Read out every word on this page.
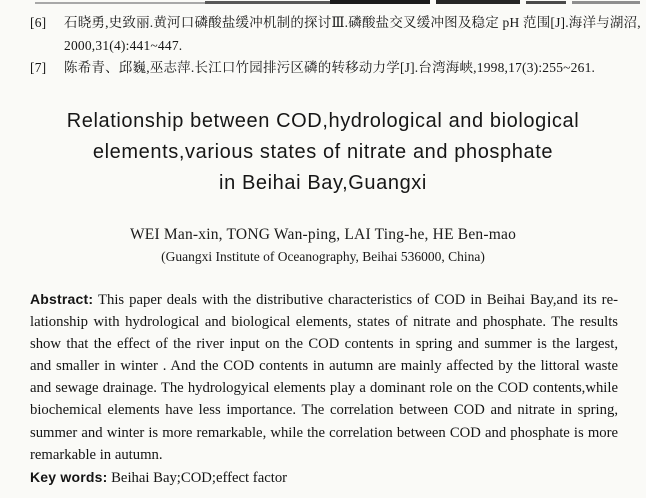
[6]	石晓勇,史致丽.黄河口磷酸盐缓冲机制的探讨Ⅲ.磷酸盐交叉缓冲图及稳定 pH 范围[J].海洋与湖沼,
2000,31(4):441~447.
[7]	陈希青、邱巍,巫志萍.长江口竹园排污区磷的转移动力学[J].台湾海峡,1998,17(3):255~261.
Relationship between COD,hydrological and biological
elements,various states of nitrate and phosphate
in Beihai Bay,Guangxi
WEI Man-xin, TONG Wan-ping, LAI Ting-he, HE Ben-mao
(Guangxi Institute of Oceanography, Beihai 536000, China)
Abstract: This paper deals with the distributive characteristics of COD in Beihai Bay,and its re-
lationship with hydrological and biological elements, states of nitrate and phosphate. The results
show that the effect of the river input on the COD contents in spring and summer is the largest,
and smaller in winter . And the COD contents in autumn are mainly affected by the littoral waste
and sewage drainage. The hydrologyical elements play a dominant role on the COD contents,while
biochemical elements have less importance. The correlation between COD and nitrate in spring,
summer and winter is more remarkable, while the correlation between COD and phosphate is more
remarkable in autumn.
Key words: Beihai Bay;COD;effect factor
